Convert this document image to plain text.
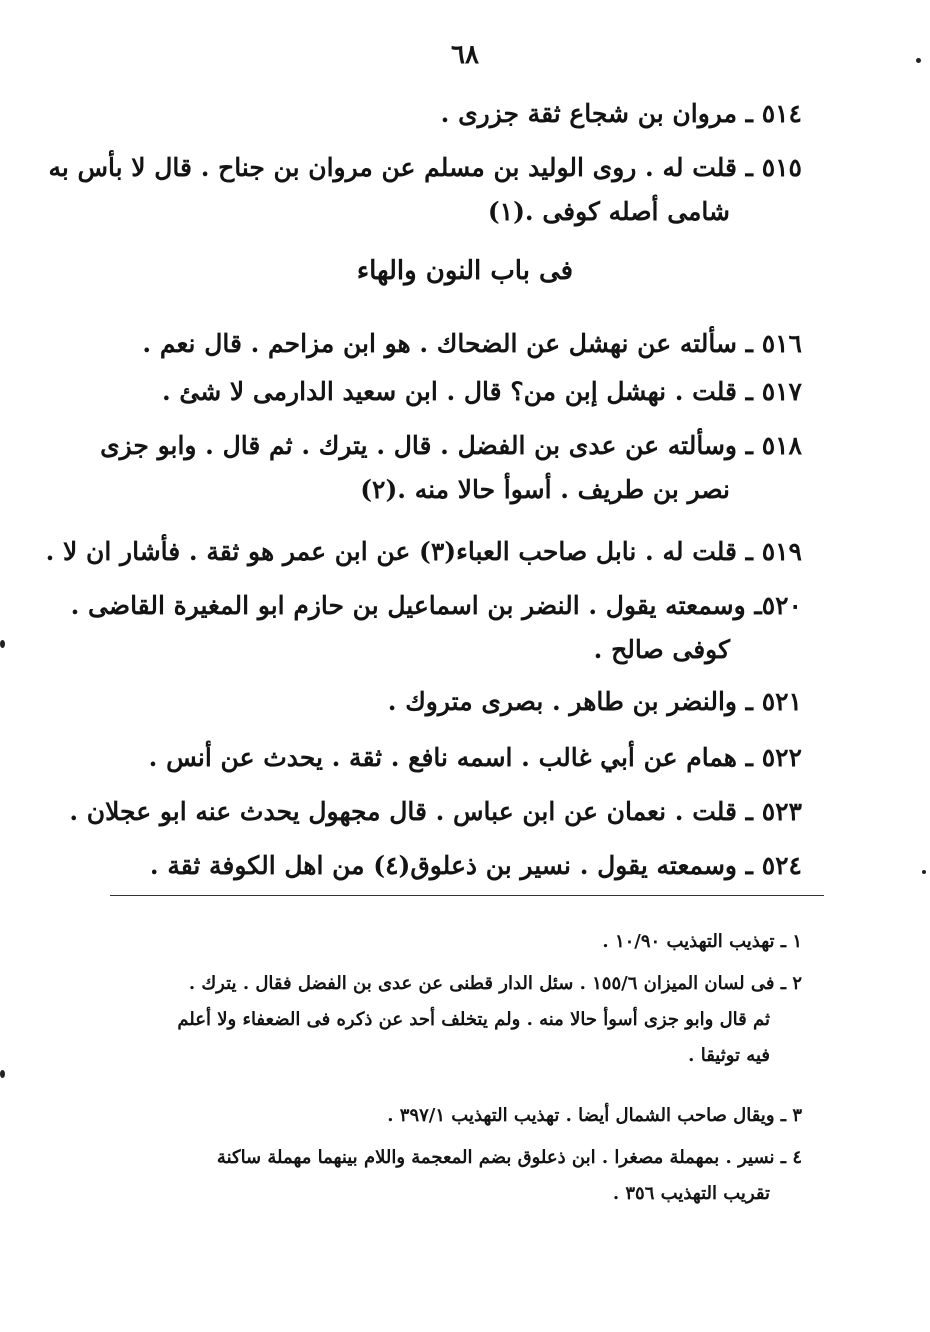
٦٨
٥١٤ ـ مروان بن شجاع ثقة جزرى .
٥١٥ ـ قلت له . روى الوليد بن مسلم عن مروان بن جناح . قال لا بأس به
شامى أصله كوفى .(١)
فى باب النون والهاء
٥١٦ ـ سألته عن نهشل عن الضحاك . هو ابن مزاحم . قال نعم .
٥١٧ ـ قلت . نهشل إبن من؟ قال . ابن سعيد الدارمى لا شئ .
٥١٨ ـ وسألته عن عدى بن الفضل . قال . يترك . ثم قال . وابو جزى
نصر بن طريف . أسوأ حالا منه .(٢)
٥١٩ ـ قلت له . نابل صاحب العباء(٣) عن ابن عمر هو ثقة . فأشار ان لا .
٥٢٠ـ وسمعته يقول . النضر بن اسماعيل بن حازم ابو المغيرة القاضى .
كوفى صالح .
٥٢١ ـ والنضر بن طاهر . بصرى متروك .
٥٢٢ ـ همام عن أبي غالب . اسمه نافع . ثقة . يحدث عن أنس .
٥٢٣ ـ قلت . نعمان عن ابن عباس . قال مجهول يحدث عنه ابو عجلان .
٥٢٤ ـ وسمعته يقول . نسير بن ذعلوق(٤) من اهل الكوفة ثقة .
١ ـ تهذيب التهذيب ١٠/٩٠ .
٢ ـ فى لسان الميزان ١٥٥/٦ . سئل الدار قطنى عن عدى بن الفضل فقال . يترك .
ثم قال وابو جزى أسوأ حالا منه . ولم يتخلف أحد عن ذكره فى الضعفاء ولا أعلم
فيه توثيقا .
٣ ـ ويقال صاحب الشمال أيضا . تهذيب التهذيب ٣٩٧/١ .
٤ ـ نسير . بمهملة مصغرا . ابن ذعلوق بضم المعجمة واللام بينهما مهملة ساكنة
تقريب التهذيب ٣٥٦ .
